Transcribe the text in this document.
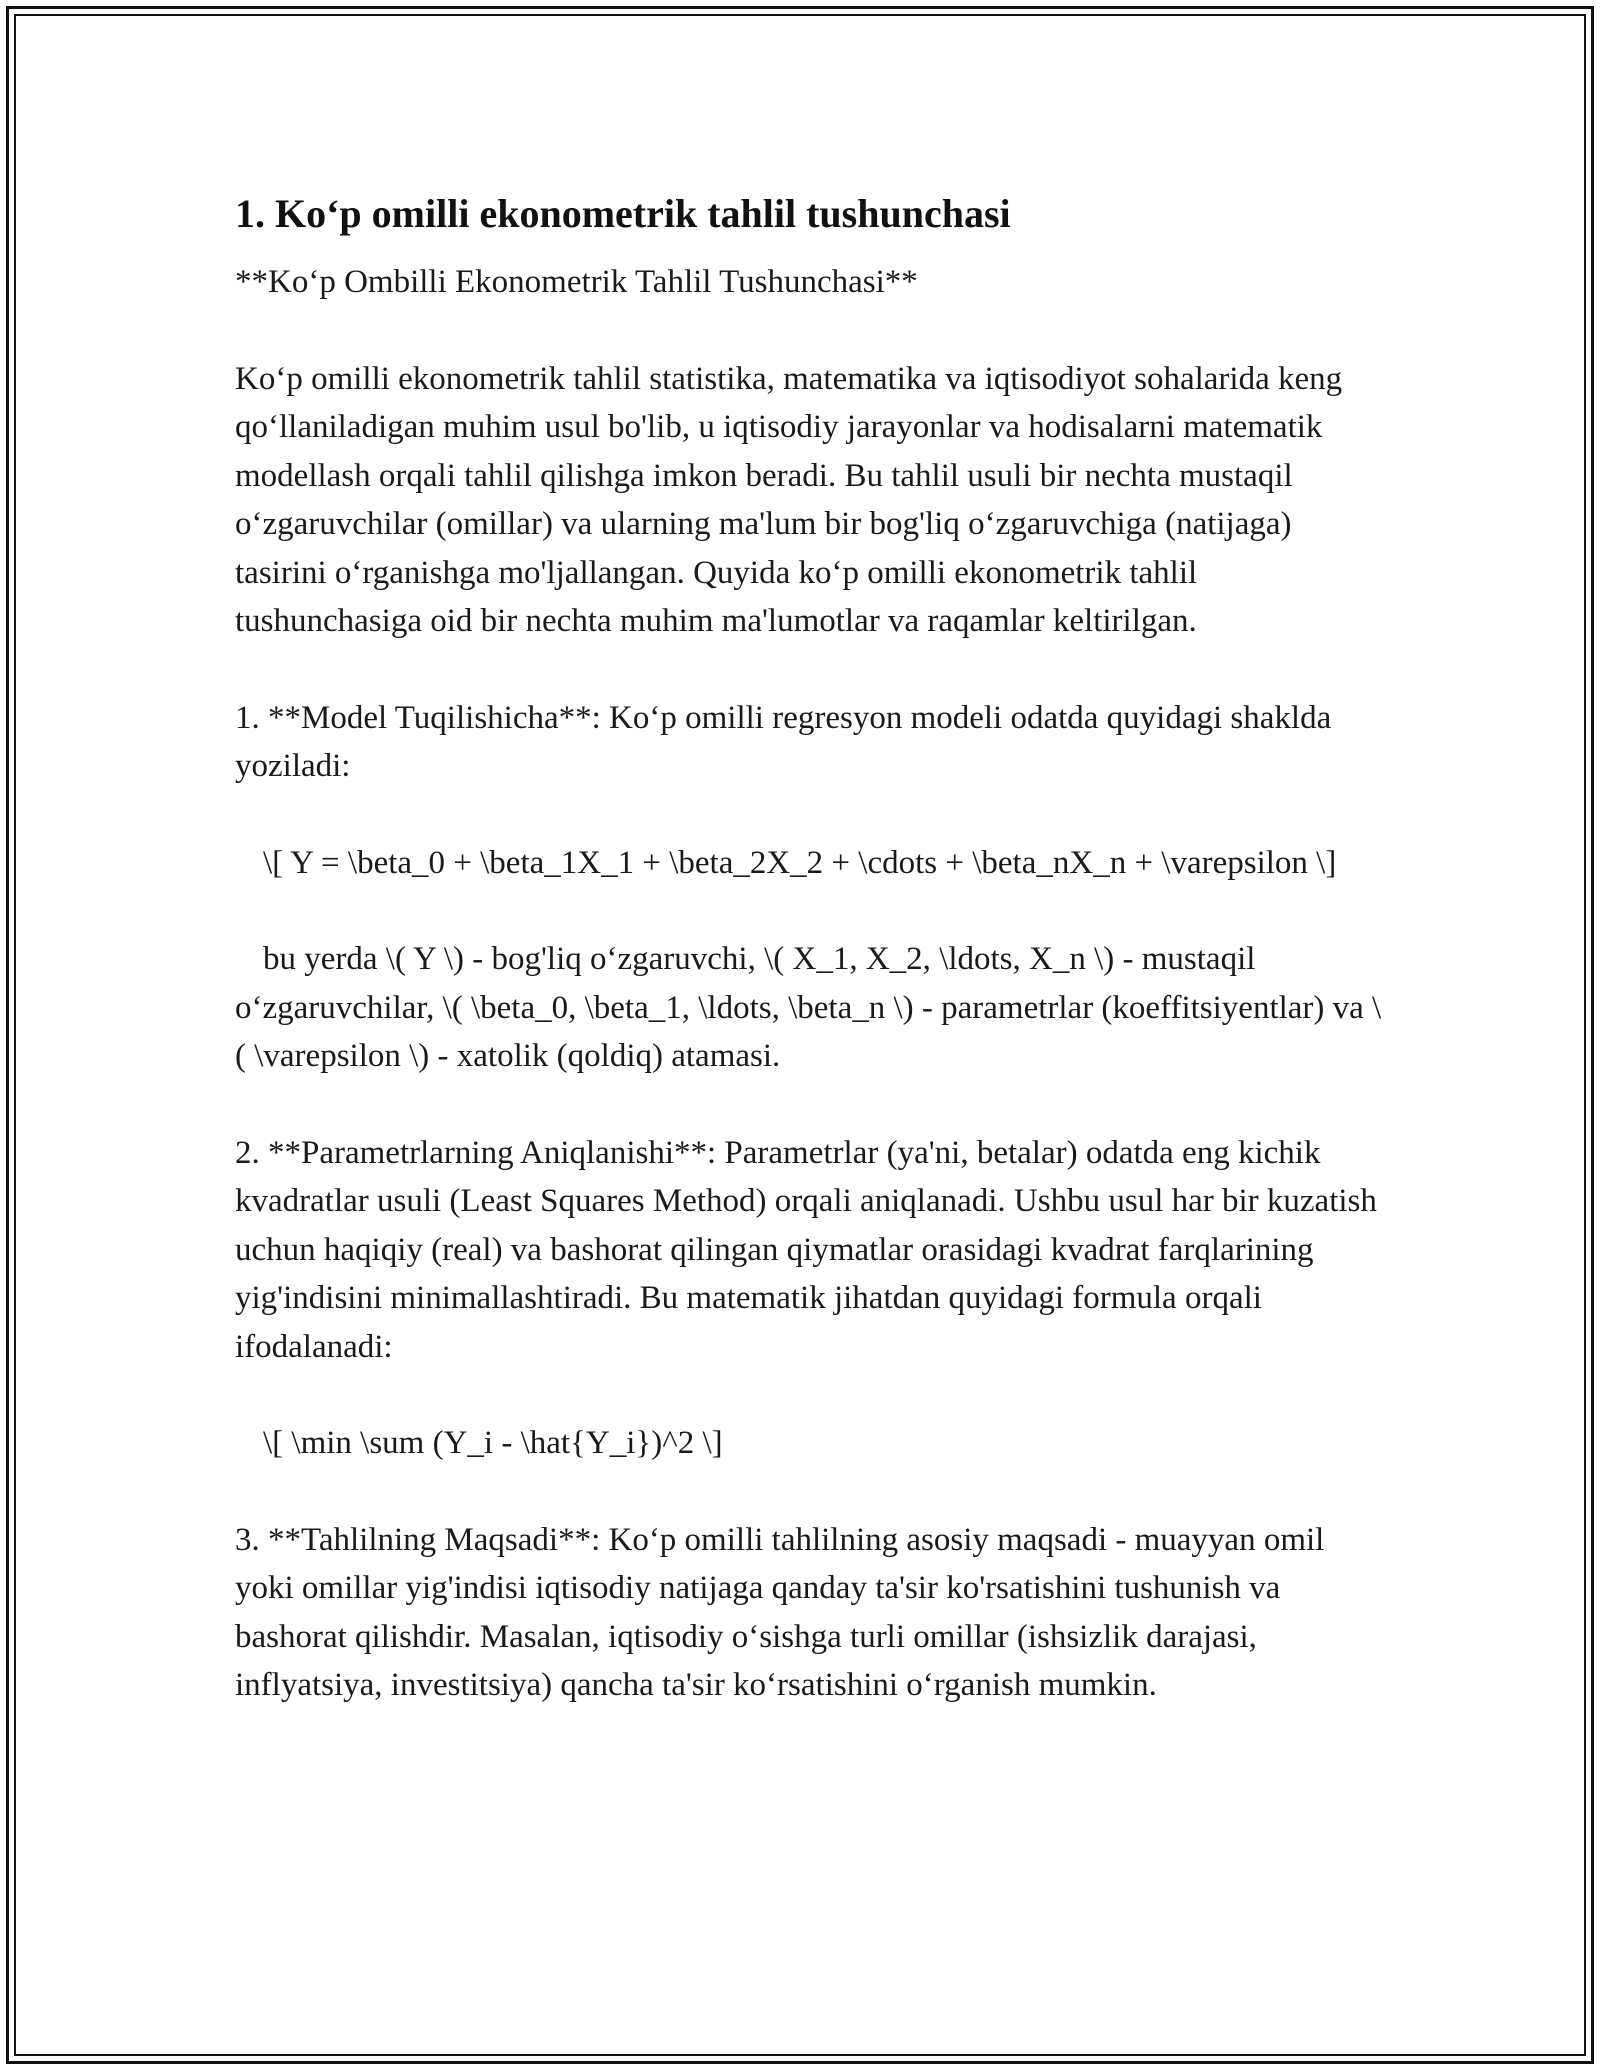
1. Ko‘p omilli ekonometrik tahlil tushunchasi

**Ko‘p Ombilli Ekonometrik Tahlil Tushunchasi**

Ko‘p omilli ekonometrik tahlil statistika, matematika va iqtisodiyot sohalarida keng qo‘llaniladigan muhim usul bo'lib, u iqtisodiy jarayonlar va hodisalarni matematik modellash orqali tahlil qilishga imkon beradi. Bu tahlil usuli bir nechta mustaqil o‘zgaruvchilar (omillar) va ularning ma'lum bir bog'liq o‘zgaruvchiga (natijaga) tasirini o‘rganishga mo'ljallangan. Quyida ko‘p omilli ekonometrik tahlil tushunchasiga oid bir nechta muhim ma'lumotlar va raqamlar keltirilgan.

1. **Model Tuqilishicha**: Ko‘p omilli regresyon modeli odatda quyidagi shaklda yoziladi:

\[ Y = \beta_0 + \beta_1X_1 + \beta_2X_2 + \cdots + \beta_nX_n + \varepsilon \]

bu yerda \( Y \) - bog'liq o‘zgaruvchi, \( X_1, X_2, \ldots, X_n \) - mustaqil o‘zgaruvchilar, \( \beta_0, \beta_1, \ldots, \beta_n \) - parametrlar (koeffitsiyentlar) va \( \varepsilon \) - xatolik (qoldiq) atamasi.

2. **Parametrlarning Aniqlanishi**: Parametrlar (ya'ni, betalar) odatda eng kichik kvadratlar usuli (Least Squares Method) orqali aniqlanadi. Ushbu usul har bir kuzatish uchun haqiqiy (real) va bashorat qilingan qiymatlar orasidagi kvadrat farqlarining yig'indisini minimallashtiradi. Bu matematik jihatdan quyidagi formula orqali ifodalanadi:

\[ \min \sum (Y_i - \hat{Y_i})^2 \]

3. **Tahlilning Maqsadi**: Ko‘p omilli tahlilning asosiy maqsadi - muayyan omil yoki omillar yig'indisi iqtisodiy natijaga qanday ta'sir ko'rsatishini tushunish va bashorat qilishdir. Masalan, iqtisodiy o‘sishga turli omillar (ishsizlik darajasi, inflyatsiya, investitsiya) qancha ta'sir ko‘rsatishini o‘rganish mumkin.
